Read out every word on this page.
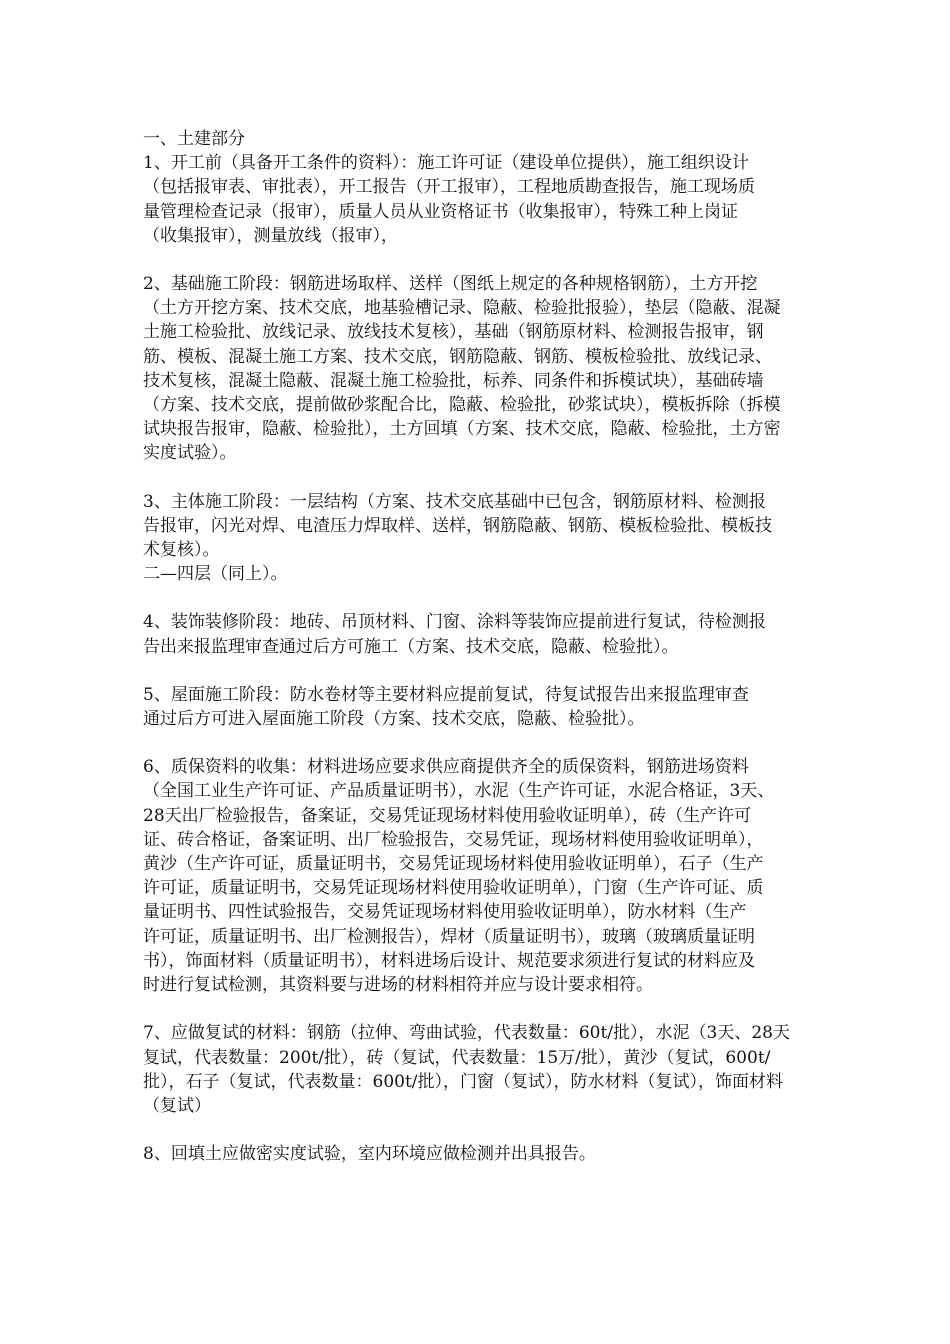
一、土建部分
1、开工前（具备开工条件的资料）：施工许可证（建设单位提供），施工组织设计
（包括报审表、审批表），开工报告（开工报审），工程地质勘查报告，施工现场质
量管理检查记录（报审），质量人员从业资格证书（收集报审），特殊工种上岗证
（收集报审），测量放线（报审），
2、基础施工阶段：钢筋进场取样、送样（图纸上规定的各种规格钢筋），土方开挖
（土方开挖方案、技术交底，地基验槽记录、隐蔽、检验批报验），垫层（隐蔽、混凝
土施工检验批、放线记录、放线技术复核），基础（钢筋原材料、检测报告报审，钢
筋、模板、混凝土施工方案、技术交底，钢筋隐蔽、钢筋、模板检验批、放线记录、
技术复核，混凝土隐蔽、混凝土施工检验批，标养、同条件和拆模试块），基础砖墙
（方案、技术交底，提前做砂浆配合比，隐蔽、检验批，砂浆试块），模板拆除（拆模
试块报告报审，隐蔽、检验批），土方回填（方案、技术交底，隐蔽、检验批，土方密
实度试验）。
3、主体施工阶段：一层结构（方案、技术交底基础中已包含，钢筋原材料、检测报
告报审，闪光对焊、电渣压力焊取样、送样，钢筋隐蔽、钢筋、模板检验批、模板技
术复核）。
二—四层（同上）。
4、装饰装修阶段：地砖、吊顶材料、门窗、涂料等装饰应提前进行复试，待检测报
告出来报监理审查通过后方可施工（方案、技术交底，隐蔽、检验批）。
5、屋面施工阶段：防水卷材等主要材料应提前复试，待复试报告出来报监理审查
通过后方可进入屋面施工阶段（方案、技术交底，隐蔽、检验批）。
6、质保资料的收集：材料进场应要求供应商提供齐全的质保资料，钢筋进场资料
（全国工业生产许可证、产品质量证明书），水泥（生产许可证，水泥合格证，3天、
28天出厂检验报告，备案证，交易凭证现场材料使用验收证明单），砖（生产许可
证、砖合格证，备案证明、出厂检验报告，交易凭证，现场材料使用验收证明单），
黄沙（生产许可证，质量证明书，交易凭证现场材料使用验收证明单），石子（生产
许可证，质量证明书，交易凭证现场材料使用验收证明单），门窗（生产许可证、质
量证明书、四性试验报告，交易凭证现场材料使用验收证明单），防水材料（生产
许可证，质量证明书、出厂检测报告），焊材（质量证明书），玻璃（玻璃质量证明
书），饰面材料（质量证明书），材料进场后设计、规范要求须进行复试的材料应及
时进行复试检测，其资料要与进场的材料相符并应与设计要求相符。
7、应做复试的材料：钢筋（拉伸、弯曲试验，代表数量：60t/批），水泥（3天、28天
复试，代表数量：200t/批），砖（复试，代表数量：15万/批），黄沙（复试，600t/
批），石子（复试，代表数量：600t/批），门窗（复试），防水材料（复试），饰面材料
（复试）
8、回填土应做密实度试验，室内环境应做检测并出具报告。
